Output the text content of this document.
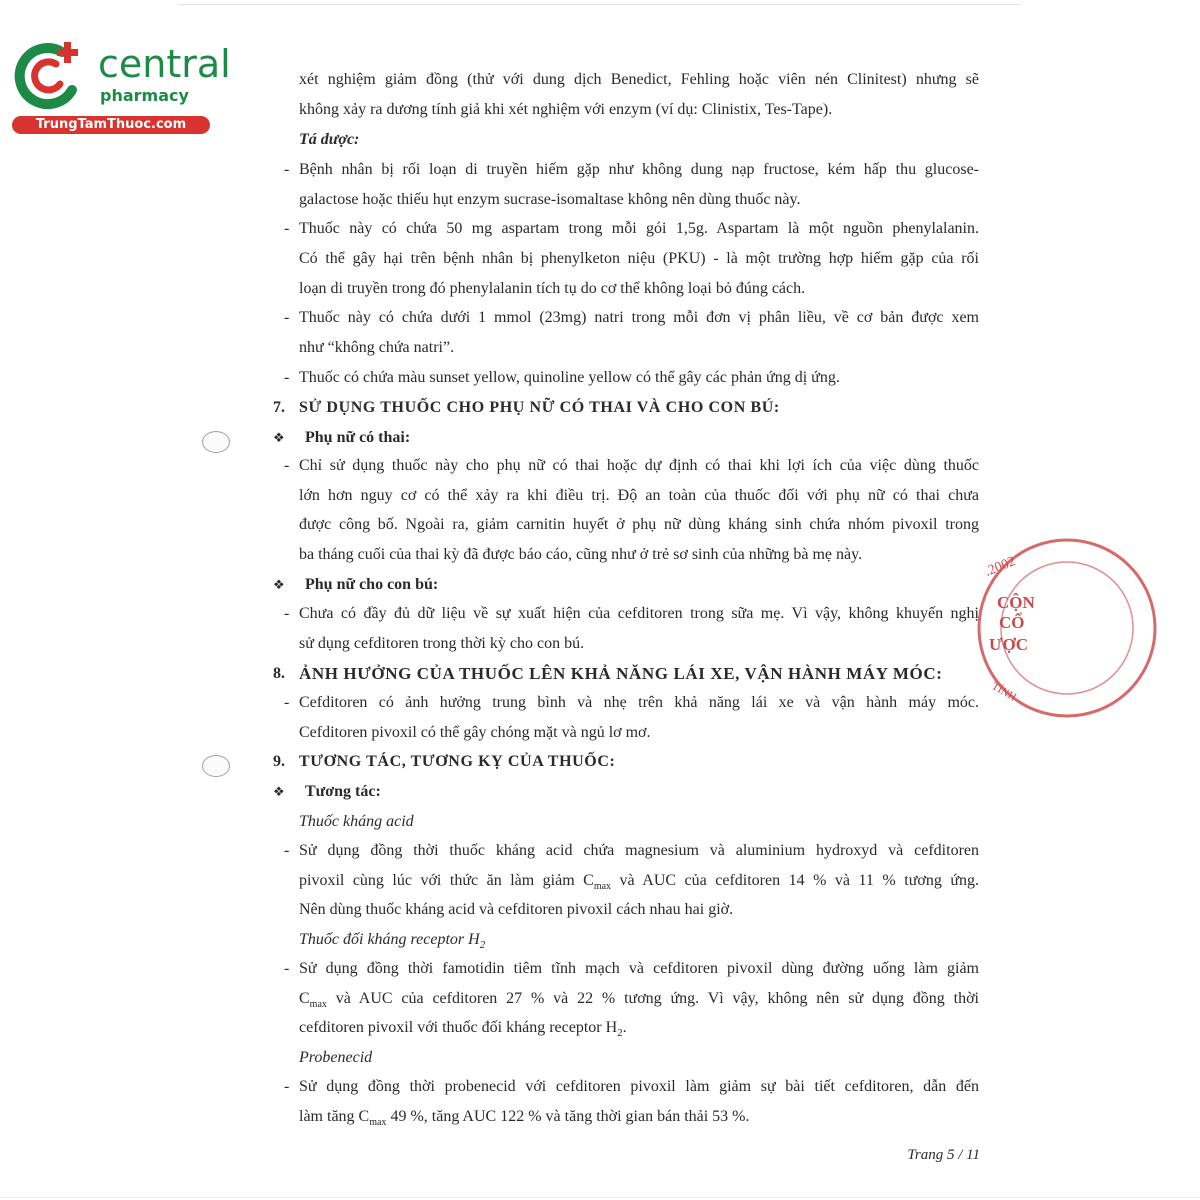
central
pharmacy
TrungTamThuoc.com
.2002
CỘN
CỔ
ƯỢC
TỈNH
xét nghiệm giảm đồng (thử với dung dịch Benedict, Fehling hoặc viên nén Clinitest) nhưng sẽ
không xảy ra dương tính giả khi xét nghiệm với enzym (ví dụ: Clinistix, Tes-Tape).
Tá dược:
- Bệnh nhân bị rối loạn di truyền hiếm gặp như không dung nạp fructose, kém hấp thu glucose-
galactose hoặc thiếu hụt enzym sucrase-isomaltase không nên dùng thuốc này.
- Thuốc này có chứa 50 mg aspartam trong mỗi gói 1,5g. Aspartam là một nguồn phenylalanin.
Có thể gây hại trên bệnh nhân bị phenylketon niệu (PKU) - là một trường hợp hiếm gặp của rối
loạn di truyền trong đó phenylalanin tích tụ do cơ thể không loại bỏ đúng cách.
- Thuốc này có chứa dưới 1 mmol (23mg) natri trong mỗi đơn vị phân liều, về cơ bản được xem
như “không chứa natri”.
- Thuốc có chứa màu sunset yellow, quinoline yellow có thể gây các phản ứng dị ứng.
7. SỬ DỤNG THUỐC CHO PHỤ NỮ CÓ THAI VÀ CHO CON BÚ:
❖ Phụ nữ có thai:
- Chỉ sử dụng thuốc này cho phụ nữ có thai hoặc dự định có thai khi lợi ích của việc dùng thuốc
lớn hơn nguy cơ có thể xảy ra khi điều trị. Độ an toàn của thuốc đối với phụ nữ có thai chưa
được công bố. Ngoài ra, giảm carnitin huyết ở phụ nữ dùng kháng sinh chứa nhóm pivoxil trong
ba tháng cuối của thai kỳ đã được báo cáo, cũng như ở trẻ sơ sinh của những bà mẹ này.
❖ Phụ nữ cho con bú:
- Chưa có đầy đủ dữ liệu về sự xuất hiện của cefditoren trong sữa mẹ. Vì vậy, không khuyến nghị
sử dụng cefditoren trong thời kỳ cho con bú.
8. ẢNH HƯỞNG CỦA THUỐC LÊN KHẢ NĂNG LÁI XE, VẬN HÀNH MÁY MÓC:
- Cefditoren có ảnh hưởng trung bình và nhẹ trên khả năng lái xe và vận hành máy móc.
Cefditoren pivoxil có thể gây chóng mặt và ngủ lơ mơ.
9. TƯƠNG TÁC, TƯƠNG KỴ CỦA THUỐC:
❖ Tương tác:
Thuốc kháng acid
- Sử dụng đồng thời thuốc kháng acid chứa magnesium và aluminium hydroxyd và cefditoren
pivoxil cùng lúc với thức ăn làm giảm $C_{max}$ và AUC của cefditoren 14 % và 11 % tương ứng.
Nên dùng thuốc kháng acid và cefditoren pivoxil cách nhau hai giờ.
Thuốc đối kháng receptor $H_2$
- Sử dụng đồng thời famotidin tiêm tĩnh mạch và cefditoren pivoxil dùng đường uống làm giảm
$C_{max}$ và AUC của cefditoren 27 % và 22 % tương ứng. Vì vậy, không nên sử dụng đồng thời
cefditoren pivoxil với thuốc đối kháng receptor $H_2$.
Probenecid
- Sử dụng đồng thời probenecid với cefditoren pivoxil làm giảm sự bài tiết cefditoren, dẫn đến
làm tăng $C_{max}$ 49 %, tăng AUC 122 % và tăng thời gian bán thải 53 %.
Trang 5 / 11
